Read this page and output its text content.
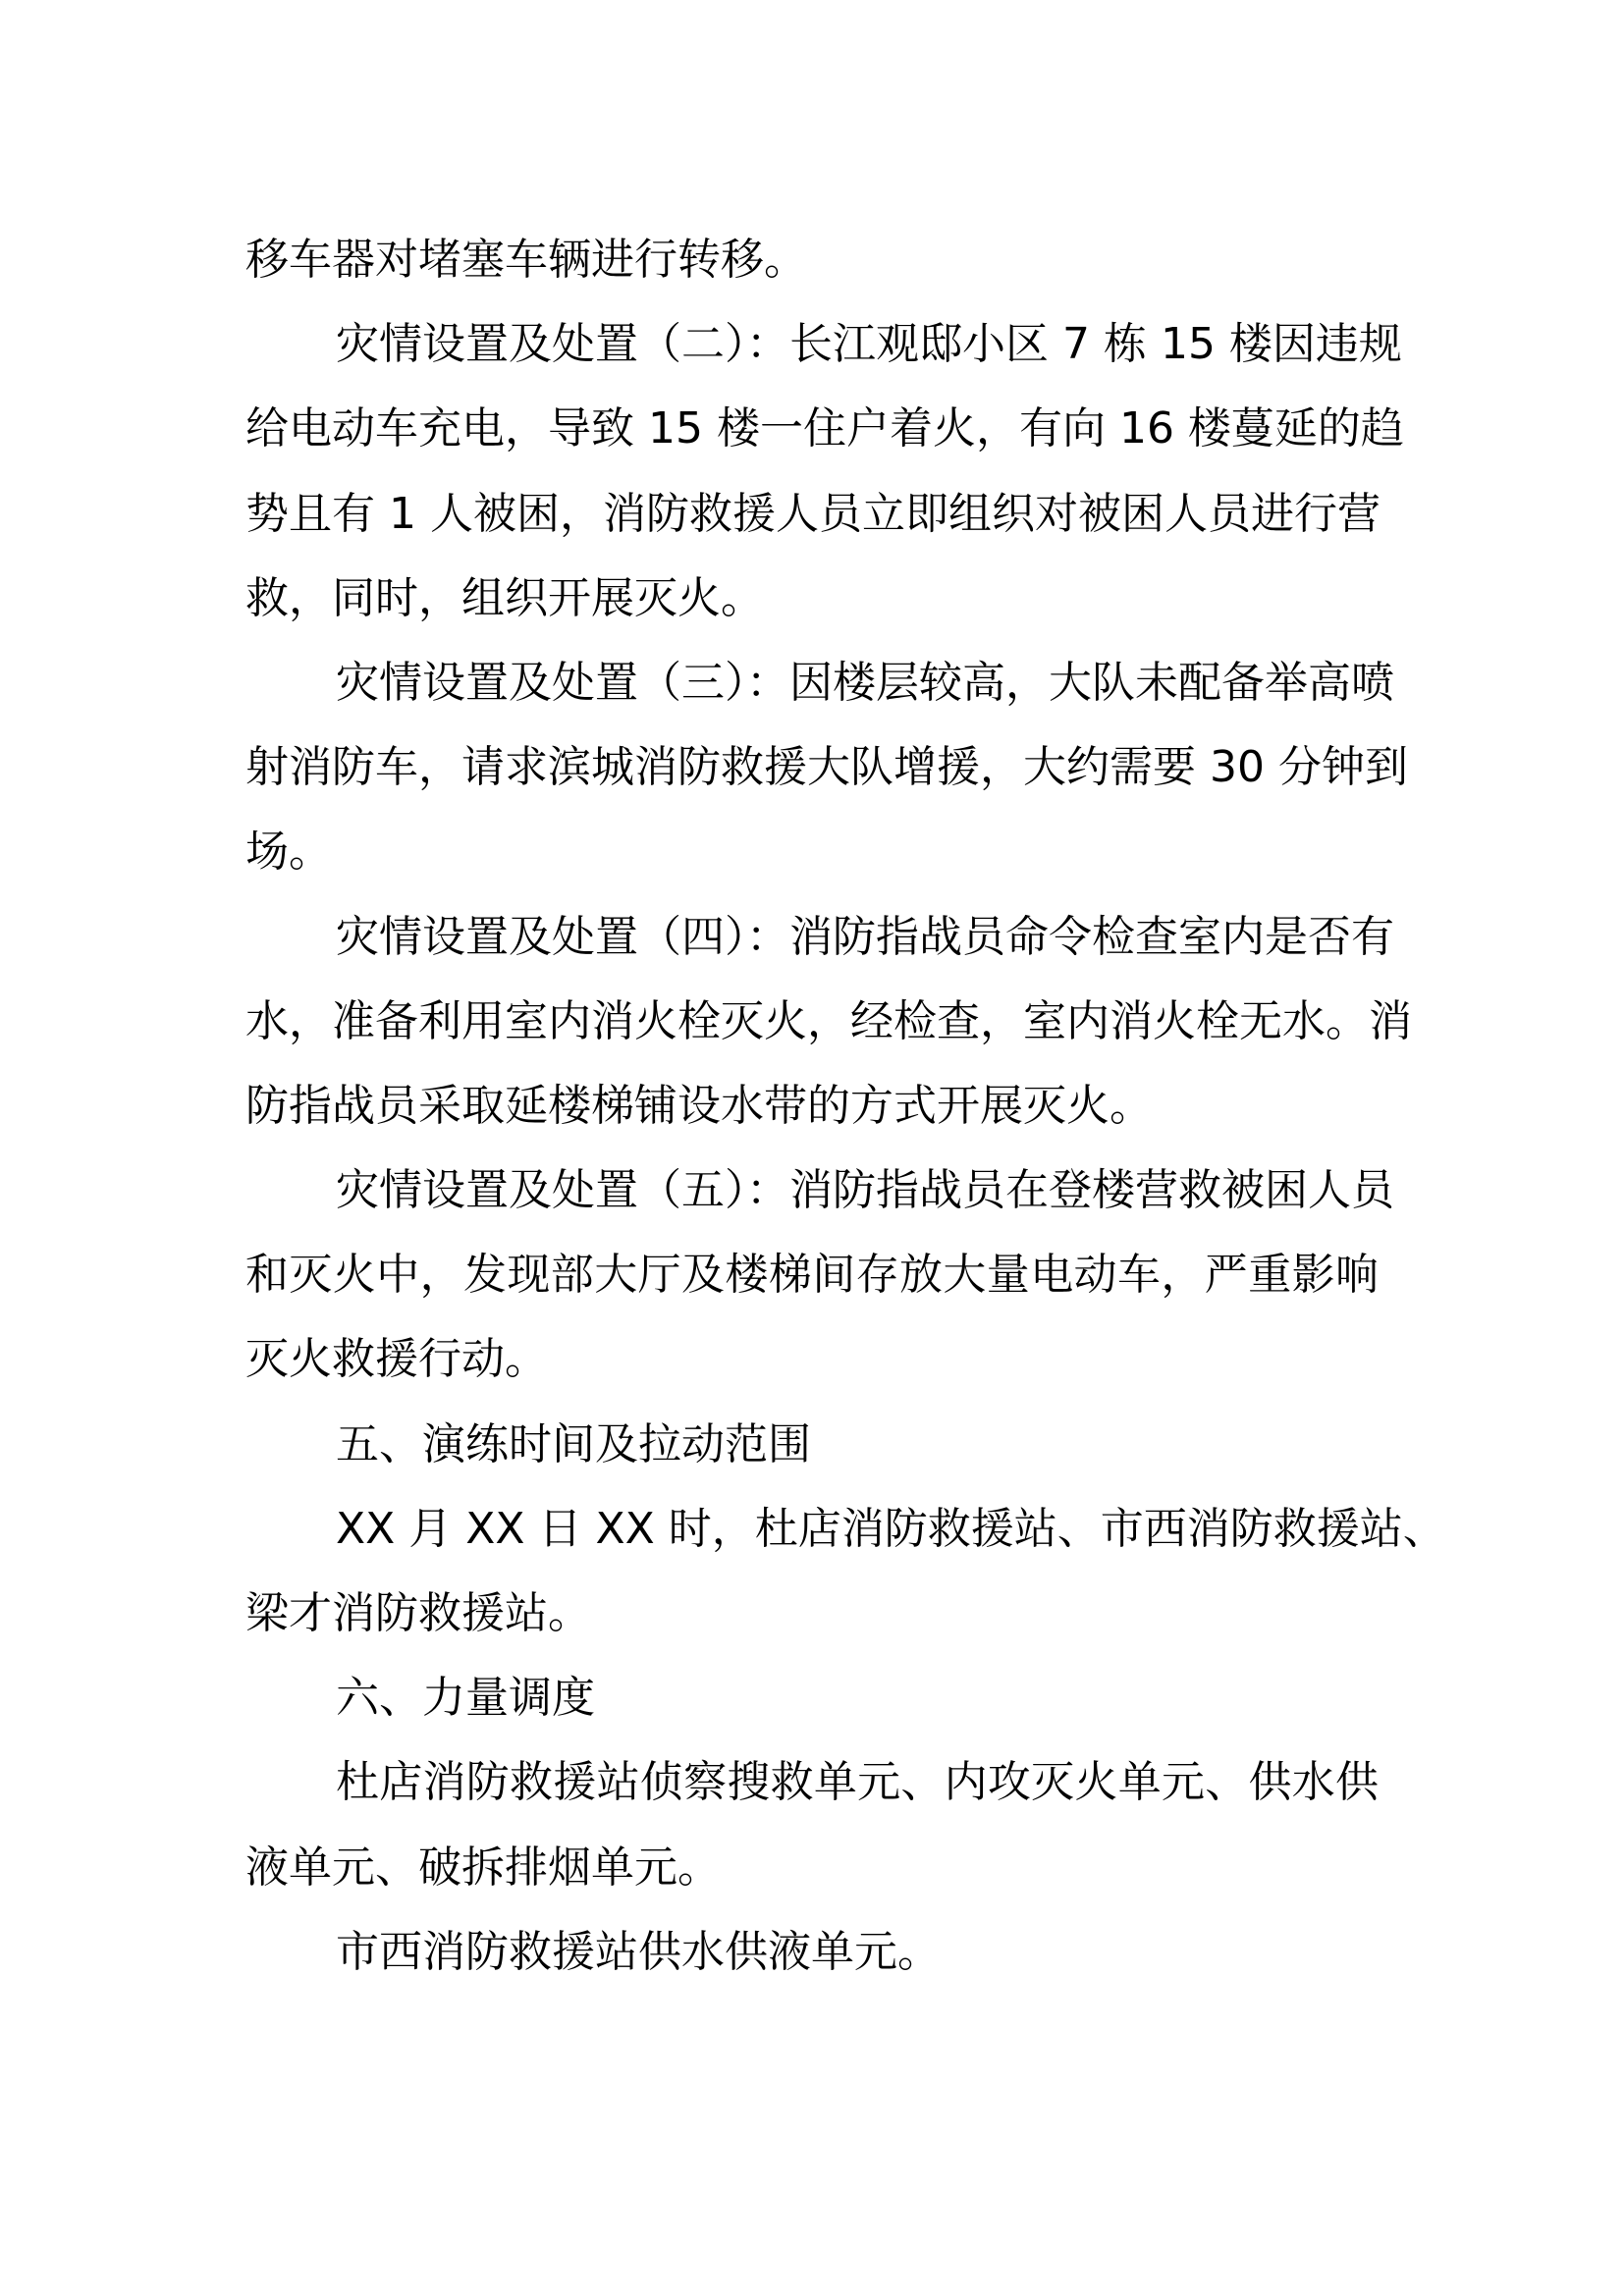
移车器对堵塞车辆进行转移。
灾情设置及处置（二）：长江观邸小区 7 栋 15 楼因违规
给电动车充电，导致 15 楼一住户着火，有向 16 楼蔓延的趋
势且有 1 人被困，消防救援人员立即组织对被困人员进行营
救，同时，组织开展灭火。
灾情设置及处置（三）：因楼层较高，大队未配备举高喷
射消防车，请求滨城消防救援大队增援，大约需要 30 分钟到
场。
灾情设置及处置（四）：消防指战员命令检查室内是否有
水，准备利用室内消火栓灭火，经检查，室内消火栓无水。消
防指战员采取延楼梯铺设水带的方式开展灭火。
灾情设置及处置（五）：消防指战员在登楼营救被困人员
和灭火中，发现部大厅及楼梯间存放大量电动车，严重影响
灭火救援行动。
五、演练时间及拉动范围
XX 月 XX 日 XX 时，杜店消防救援站、市西消防救援站、
梁才消防救援站。
六、力量调度
杜店消防救援站侦察搜救单元、内攻灭火单元、供水供
液单元、破拆排烟单元。
市西消防救援站供水供液单元。
